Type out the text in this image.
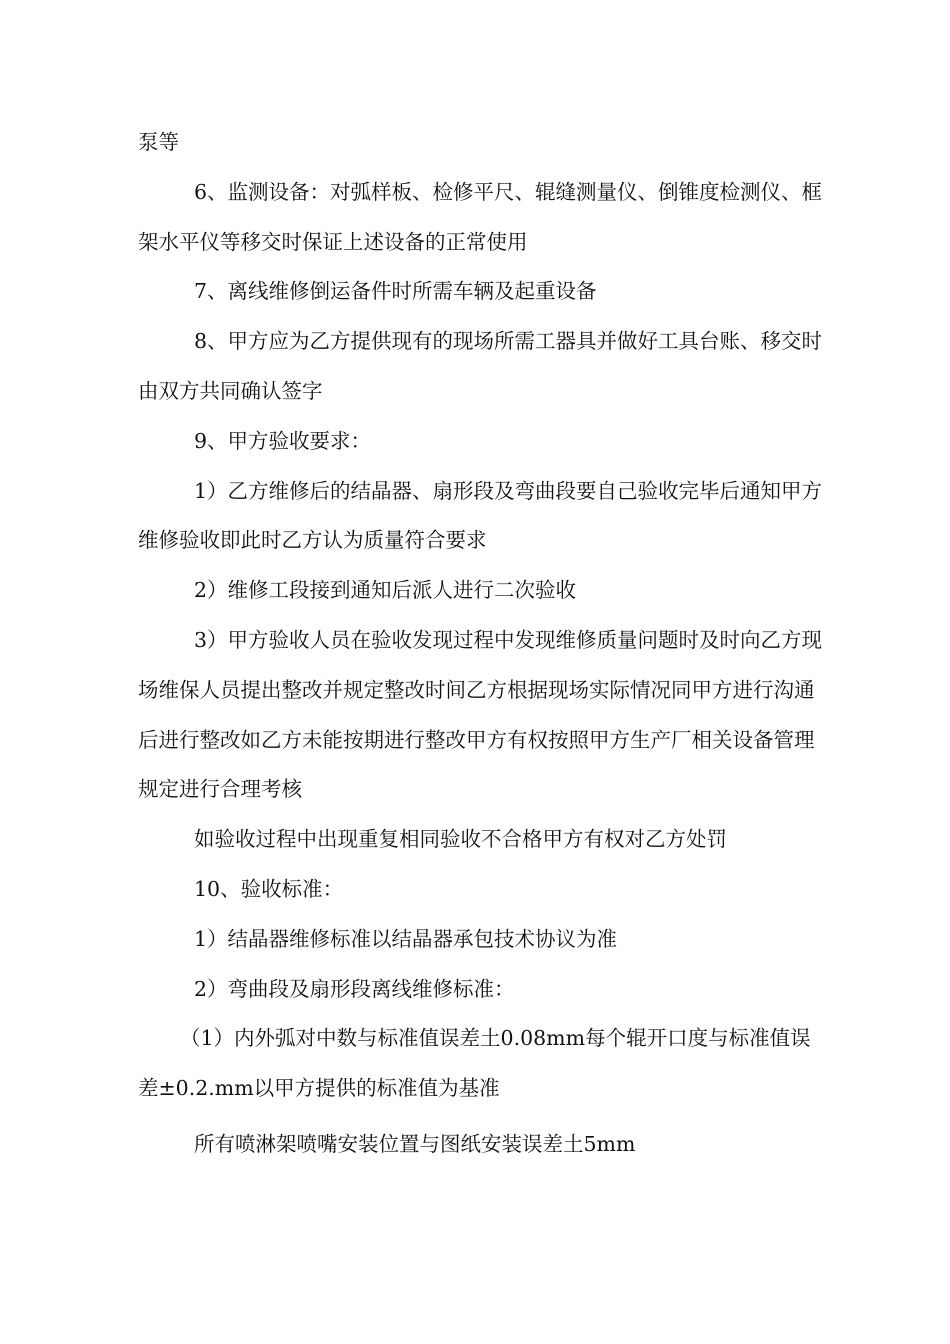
泵等

6、监测设备：对弧样板、检修平尺、辊缝测量仪、倒锥度检测仪、框架水平仪等移交时保证上述设备的正常使用

7、离线维修倒运备件时所需车辆及起重设备

8、甲方应为乙方提供现有的现场所需工器具并做好工具台账、移交时由双方共同确认签字

9、甲方验收要求：

1）乙方维修后的结晶器、扇形段及弯曲段要自己验收完毕后通知甲方维修验收即此时乙方认为质量符合要求

2）维修工段接到通知后派人进行二次验收

3）甲方验收人员在验收发现过程中发现维修质量问题时及时向乙方现场维保人员提出整改并规定整改时间乙方根据现场实际情况同甲方进行沟通后进行整改如乙方未能按期进行整改甲方有权按照甲方生产厂相关设备管理规定进行合理考核

如验收过程中出现重复相同验收不合格甲方有权对乙方处罚

10、验收标准：

1）结晶器维修标准以结晶器承包技术协议为准

2）弯曲段及扇形段离线维修标准：

（1）内外弧对中数与标准值误差土0.08mm每个辊开口度与标准值误差±0.2.mm以甲方提供的标准值为基准

所有喷淋架喷嘴安装位置与图纸安装误差土5mm
